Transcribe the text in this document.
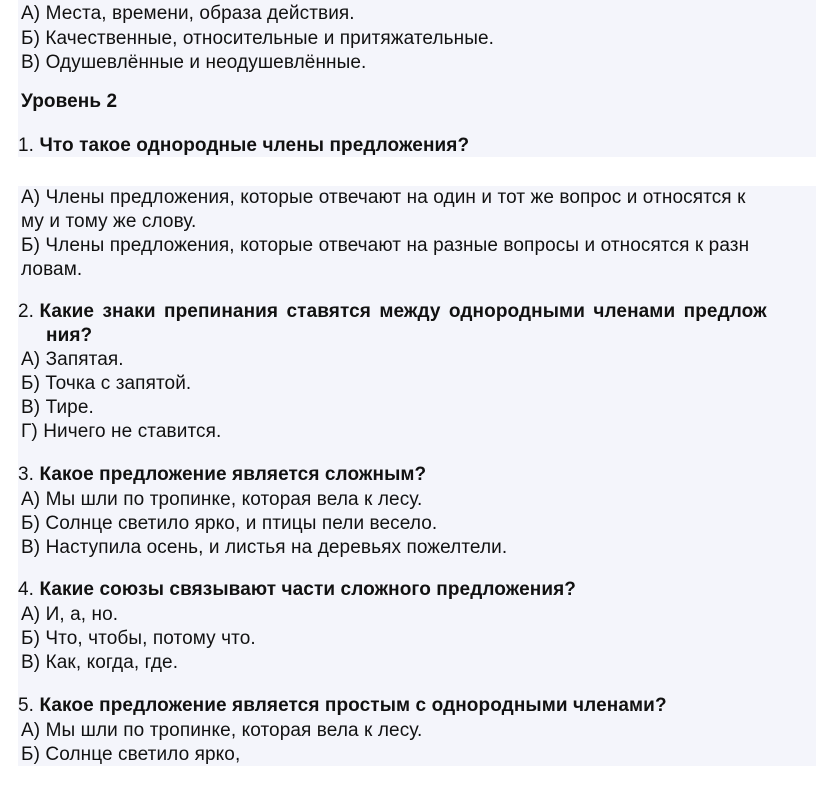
А) Места, времени, образа действия.
Б) Качественные, относительные и притяжательные.
В) Одушевлённые и неодушевлённые.
Уровень 2
1. Что такое однородные члены предложения?
А) Члены предложения, которые отвечают на один и тот же вопрос и относятся к
му и тому же слову.
Б) Члены предложения, которые отвечают на разные вопросы и относятся к разн
ловам.
2. Какие знаки препинания ставятся между однородными членами предлож
ния?
А) Запятая.
Б) Точка с запятой.
В) Тире.
Г) Ничего не ставится.
3. Какое предложение является сложным?
А) Мы шли по тропинке, которая вела к лесу.
Б) Солнце светило ярко, и птицы пели весело.
В) Наступила осень, и листья на деревьях пожелтели.
4. Какие союзы связывают части сложного предложения?
А) И, а, но.
Б) Что, чтобы, потому что.
В) Как, когда, где.
5. Какое предложение является простым с однородными членами?
А) Мы шли по тропинке, которая вела к лесу.
Б) Солнце светило ярко,
